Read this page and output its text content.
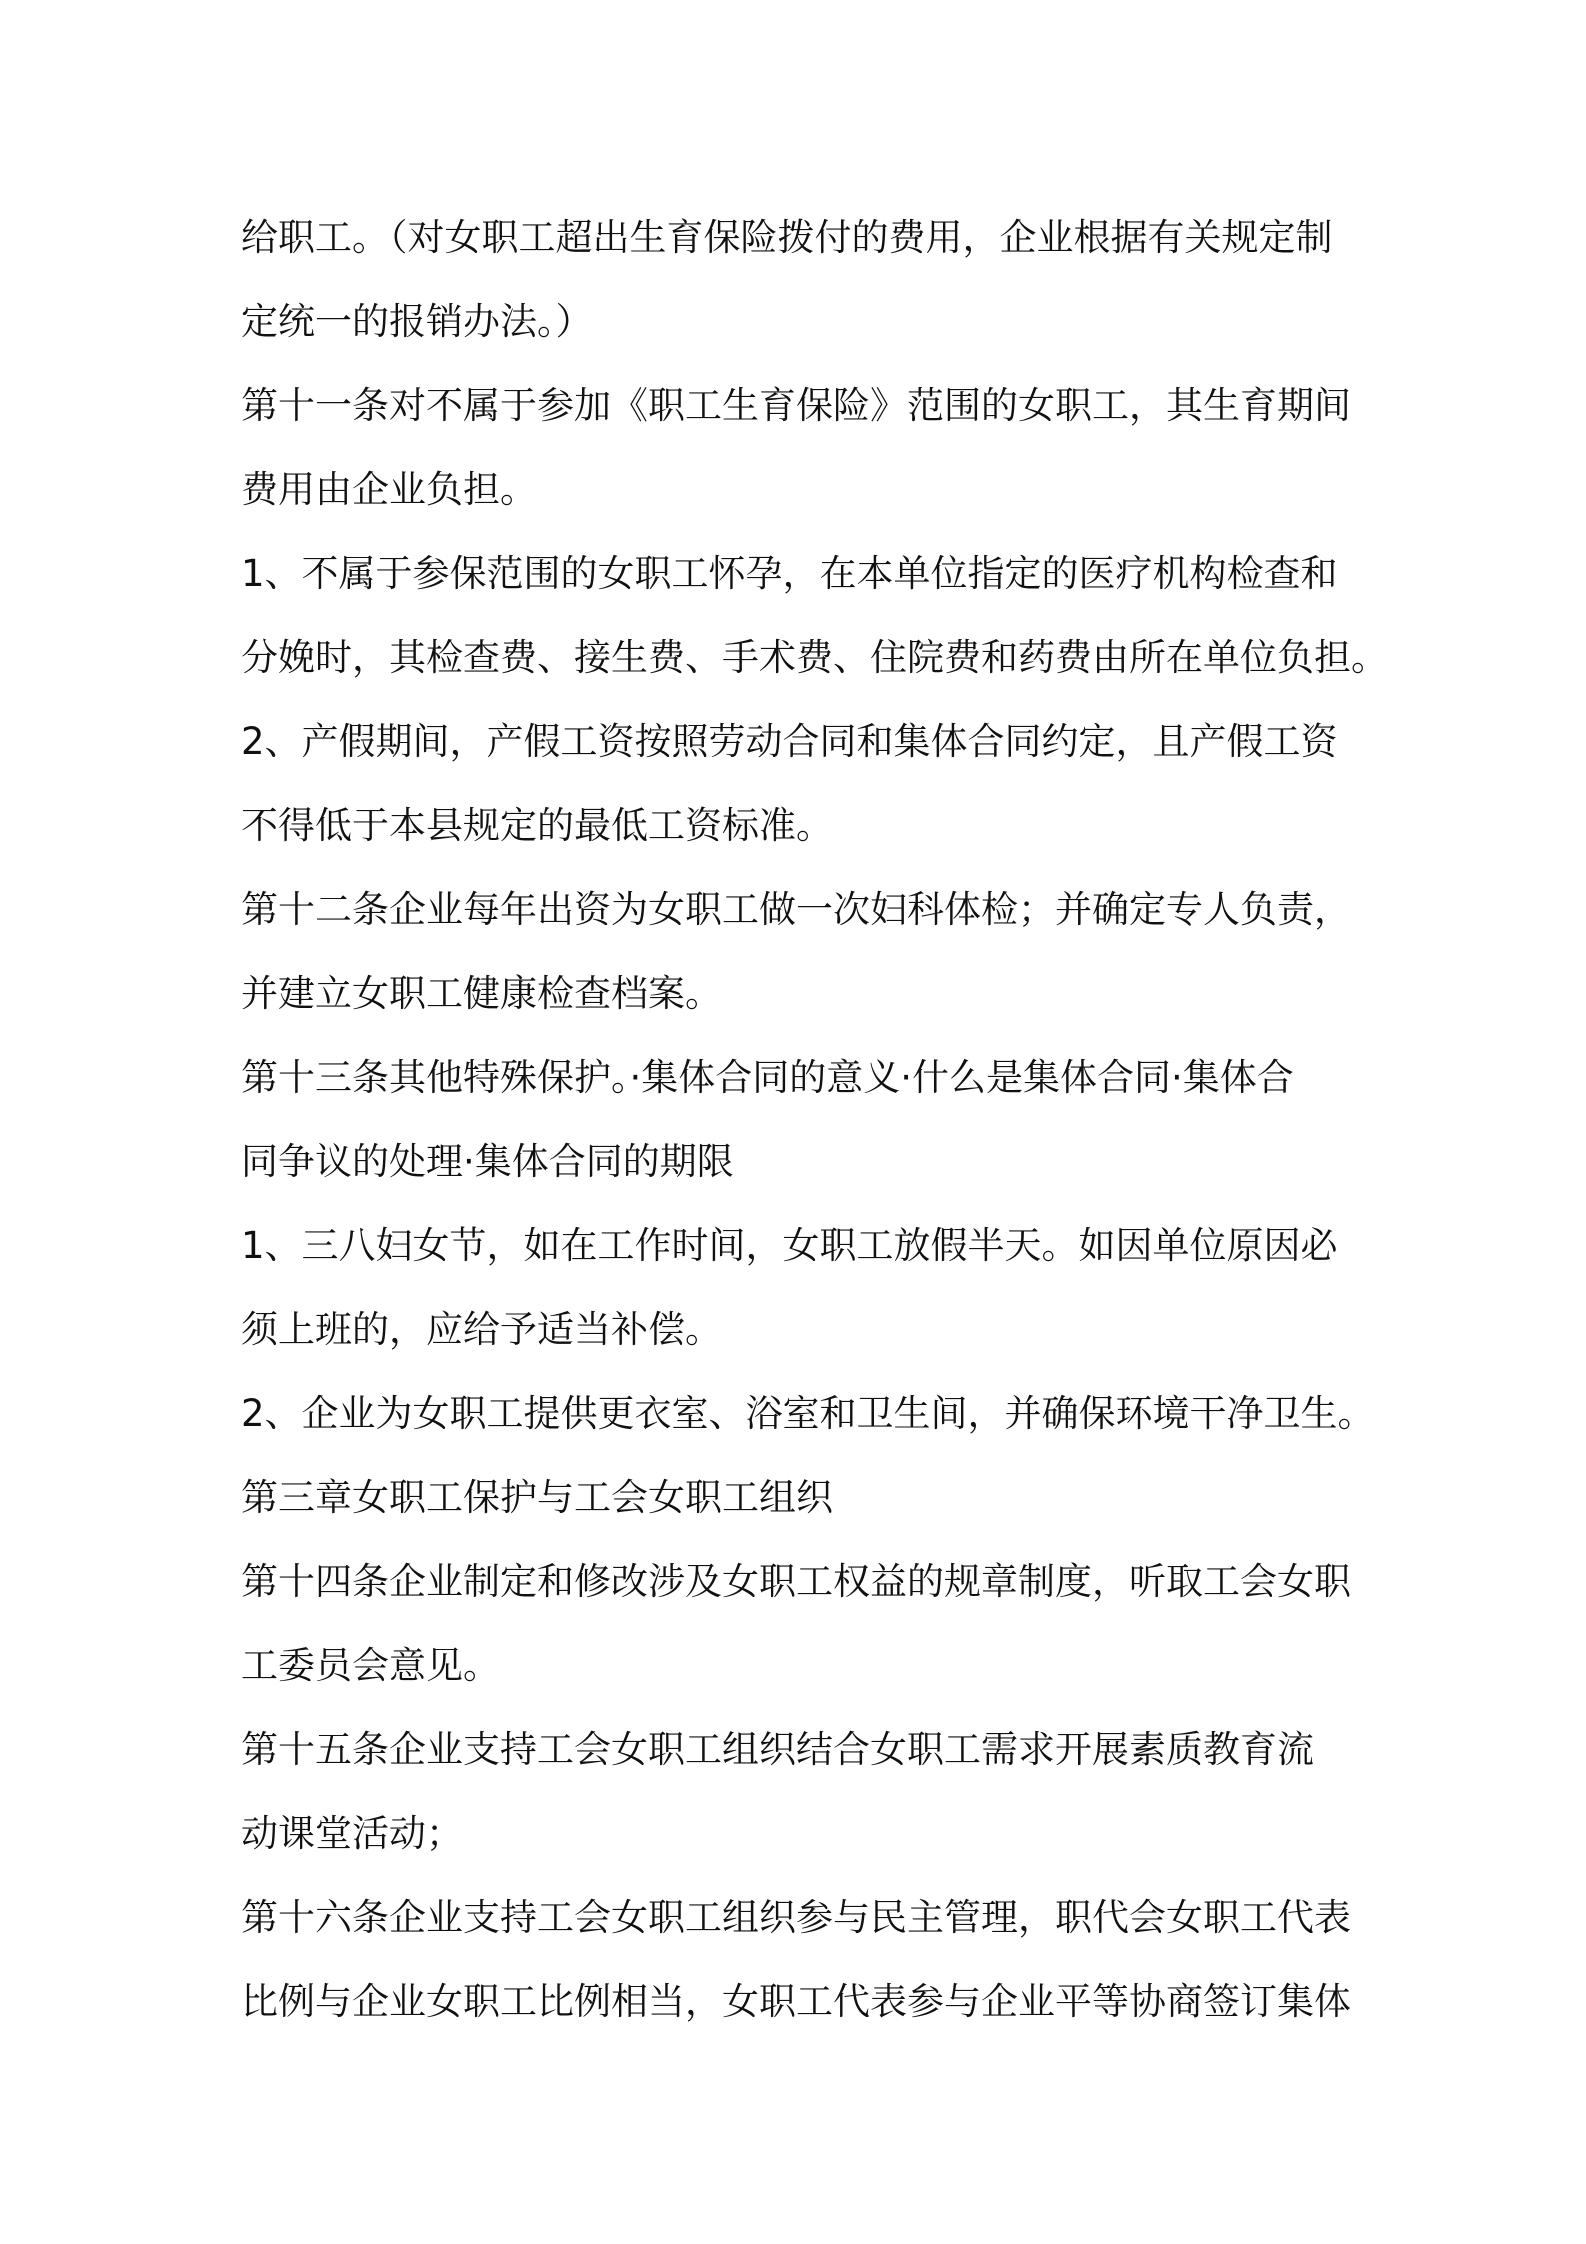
给职工。（对女职工超出生育保险拨付的费用，企业根据有关规定制
定统一的报销办法。）
第十一条对不属于参加《职工生育保险》范围的女职工，其生育期间
费用由企业负担。
1、不属于参保范围的女职工怀孕，在本单位指定的医疗机构检查和
分娩时，其检查费、接生费、手术费、住院费和药费由所在单位负担。
2、产假期间，产假工资按照劳动合同和集体合同约定，且产假工资
不得低于本县规定的最低工资标准。
第十二条企业每年出资为女职工做一次妇科体检；并确定专人负责，
并建立女职工健康检查档案。
第十三条其他特殊保护。·集体合同的意义·什么是集体合同·集体合
同争议的处理·集体合同的期限
1、三八妇女节，如在工作时间，女职工放假半天。如因单位原因必
须上班的，应给予适当补偿。
2、企业为女职工提供更衣室、浴室和卫生间，并确保环境干净卫生。
第三章女职工保护与工会女职工组织
第十四条企业制定和修改涉及女职工权益的规章制度，听取工会女职
工委员会意见。
第十五条企业支持工会女职工组织结合女职工需求开展素质教育流
动课堂活动；
第十六条企业支持工会女职工组织参与民主管理，职代会女职工代表
比例与企业女职工比例相当，女职工代表参与企业平等协商签订集体
